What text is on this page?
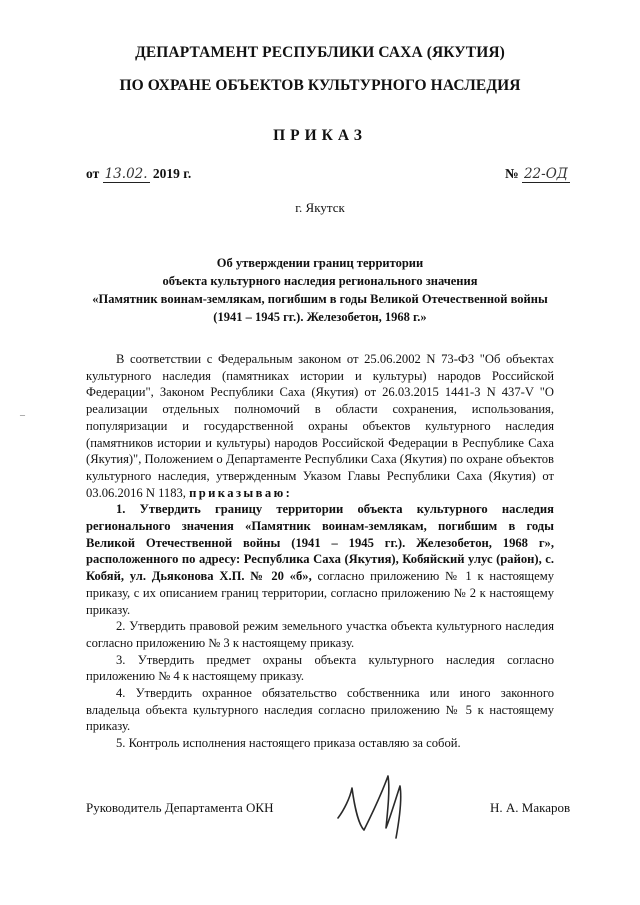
ДЕПАРТАМЕНТ РЕСПУБЛИКИ САХА (ЯКУТИЯ)
ПО ОХРАНЕ ОБЪЕКТОВ КУЛЬТУРНОГО НАСЛЕДИЯ
ПРИКАЗ
от 13.02. 2019 г.	№ 22-ОД
г. Якутск
Об утверждении границ территории
объекта культурного наследия регионального значения
«Памятник воинам-землякам, погибшим в годы Великой Отечественной войны
(1941 – 1945 гг.). Железобетон, 1968 г.»
–
В соответствии с Федеральным законом от 25.06.2002 N 73-ФЗ "Об объектах культурного наследия (памятниках истории и культуры) народов Российской Федерации", Законом Республики Саха (Якутия) от 26.03.2015 1441-З N 437-V "О реализации отдельных полномочий в области сохранения, использования, популяризации и государственной охраны объектов культурного наследия (памятников истории и культуры) народов Российской Федерации в Республике Саха (Якутия)", Положением о Департаменте Республики Саха (Якутия) по охране объектов культурного наследия, утвержденным Указом Главы Республики Саха (Якутия) от 03.06.2016 N 1183, приказываю:
1. Утвердить границу территории объекта культурного наследия регионального значения «Памятник воинам-землякам, погибшим в годы Великой Отечественной войны (1941 – 1945 гг.). Железобетон, 1968 г», расположенного по адресу: Республика Саха (Якутия), Кобяйский улус (район), с. Кобяй, ул. Дьяконова Х.П. № 20 «б», согласно приложению № 1 к настоящему приказу, с их описанием границ территории, согласно приложению № 2 к настоящему приказу.
2. Утвердить правовой режим земельного участка объекта культурного наследия согласно приложению № 3 к настоящему приказу.
3. Утвердить предмет охраны объекта культурного наследия согласно приложению № 4 к настоящему приказу.
4. Утвердить охранное обязательство собственника или иного законного владельца объекта культурного наследия согласно приложению № 5 к настоящему приказу.
5. Контроль исполнения настоящего приказа оставляю за собой.
Руководитель Департамента ОКН	Н. А. Макаров
